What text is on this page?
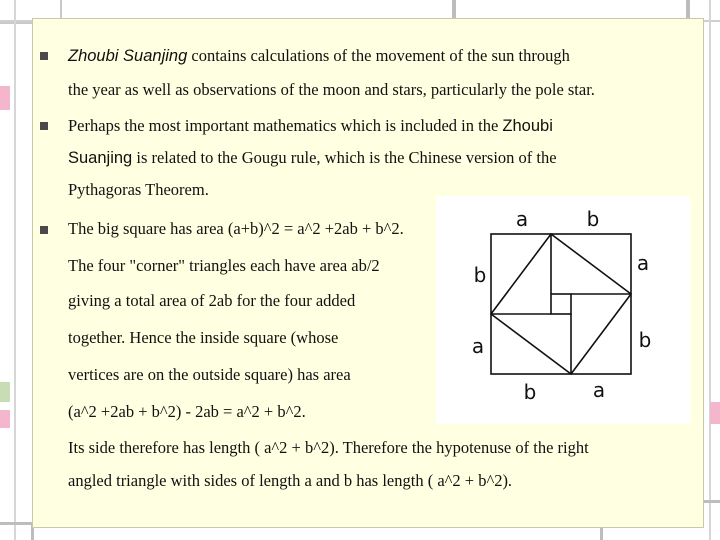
Zhoubi Suanjing contains calculations of the movement of the sun through
the year as well as observations of the moon and stars, particularly the pole star.
Perhaps the most important mathematics which is included in the Zhoubi
Suanjing is related to the Gougu rule, which is the Chinese version of the
Pythagoras Theorem.
The big square has area (a+b)^2 = a^2 +2ab + b^2.
The four "corner" triangles each have area ab/2
giving a total area of 2ab for the four added
together. Hence the inside square (whose
vertices are on the outside square) has area
(a^2 +2ab + b^2) - 2ab = a^2 + b^2.
Its side therefore has length ( a^2 + b^2). Therefore the hypotenuse of the right
angled triangle with sides of length a and b has length ( a^2 + b^2).
a	b
b
a
a
b
b	a
